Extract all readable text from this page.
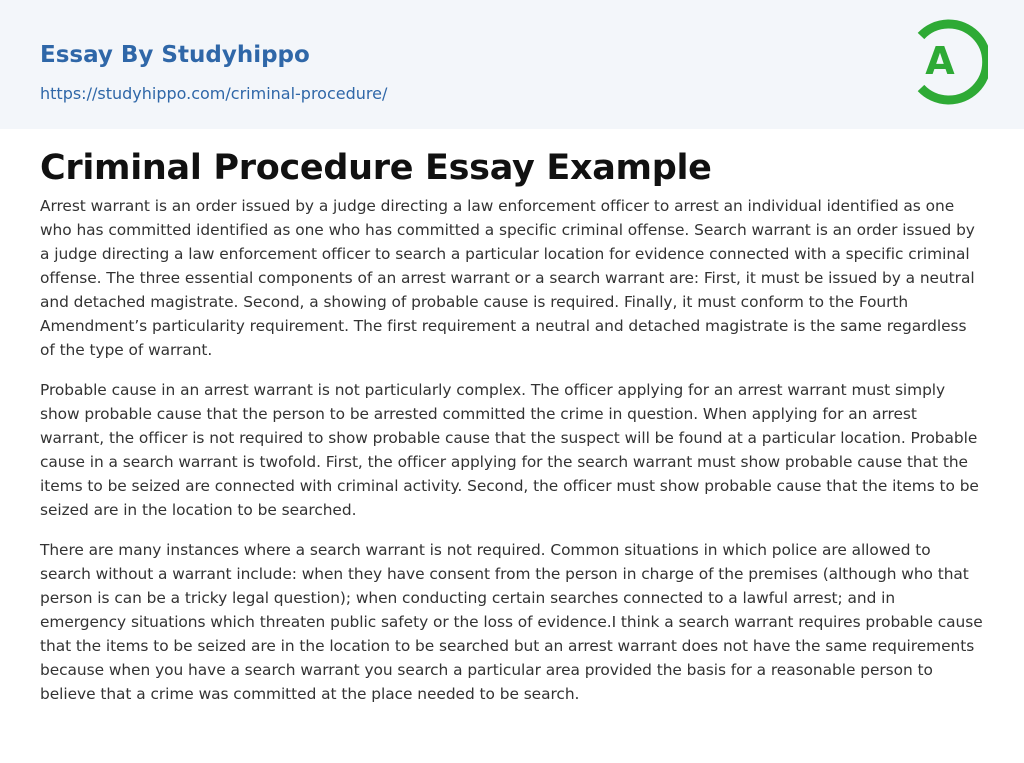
Essay By Studyhippo
https://studyhippo.com/criminal-procedure/
A
Criminal Procedure Essay Example

Arrest warrant is an order issued by a judge directing a law enforcement officer to arrest an individual identified as one who has committed identified as one who has committed a specific criminal offense. Search warrant is an order issued by a judge directing a law enforcement officer to search a particular location for evidence connected with a specific criminal offense. The three essential components of an arrest warrant or a search warrant are: First, it must be issued by a neutral and detached magistrate. Second, a showing of probable cause is required. Finally, it must conform to the Fourth Amendment’s particularity requirement. The first requirement a neutral and detached magistrate is the same regardless of the type of warrant.

Probable cause in an arrest warrant is not particularly complex. The officer applying for an arrest warrant must simply show probable cause that the person to be arrested committed the crime in question. When applying for an arrest warrant, the officer is not required to show probable cause that the suspect will be found at a particular location. Probable cause in a search warrant is twofold. First, the officer applying for the search warrant must show probable cause that the items to be seized are connected with criminal activity. Second, the officer must show probable cause that the items to be seized are in the location to be searched.

There are many instances where a search warrant is not required. Common situations in which police are allowed to search without a warrant include: when they have consent from the person in charge of the premises (although who that person is can be a tricky legal question); when conducting certain searches connected to a lawful arrest; and in emergency situations which threaten public safety or the loss of evidence.I think a search warrant requires probable cause that the items to be seized are in the location to be searched but an arrest warrant does not have the same requirements because when you have a search warrant you search a particular area provided the basis for a reasonable person to believe that a crime was committed at the place needed to be search.
